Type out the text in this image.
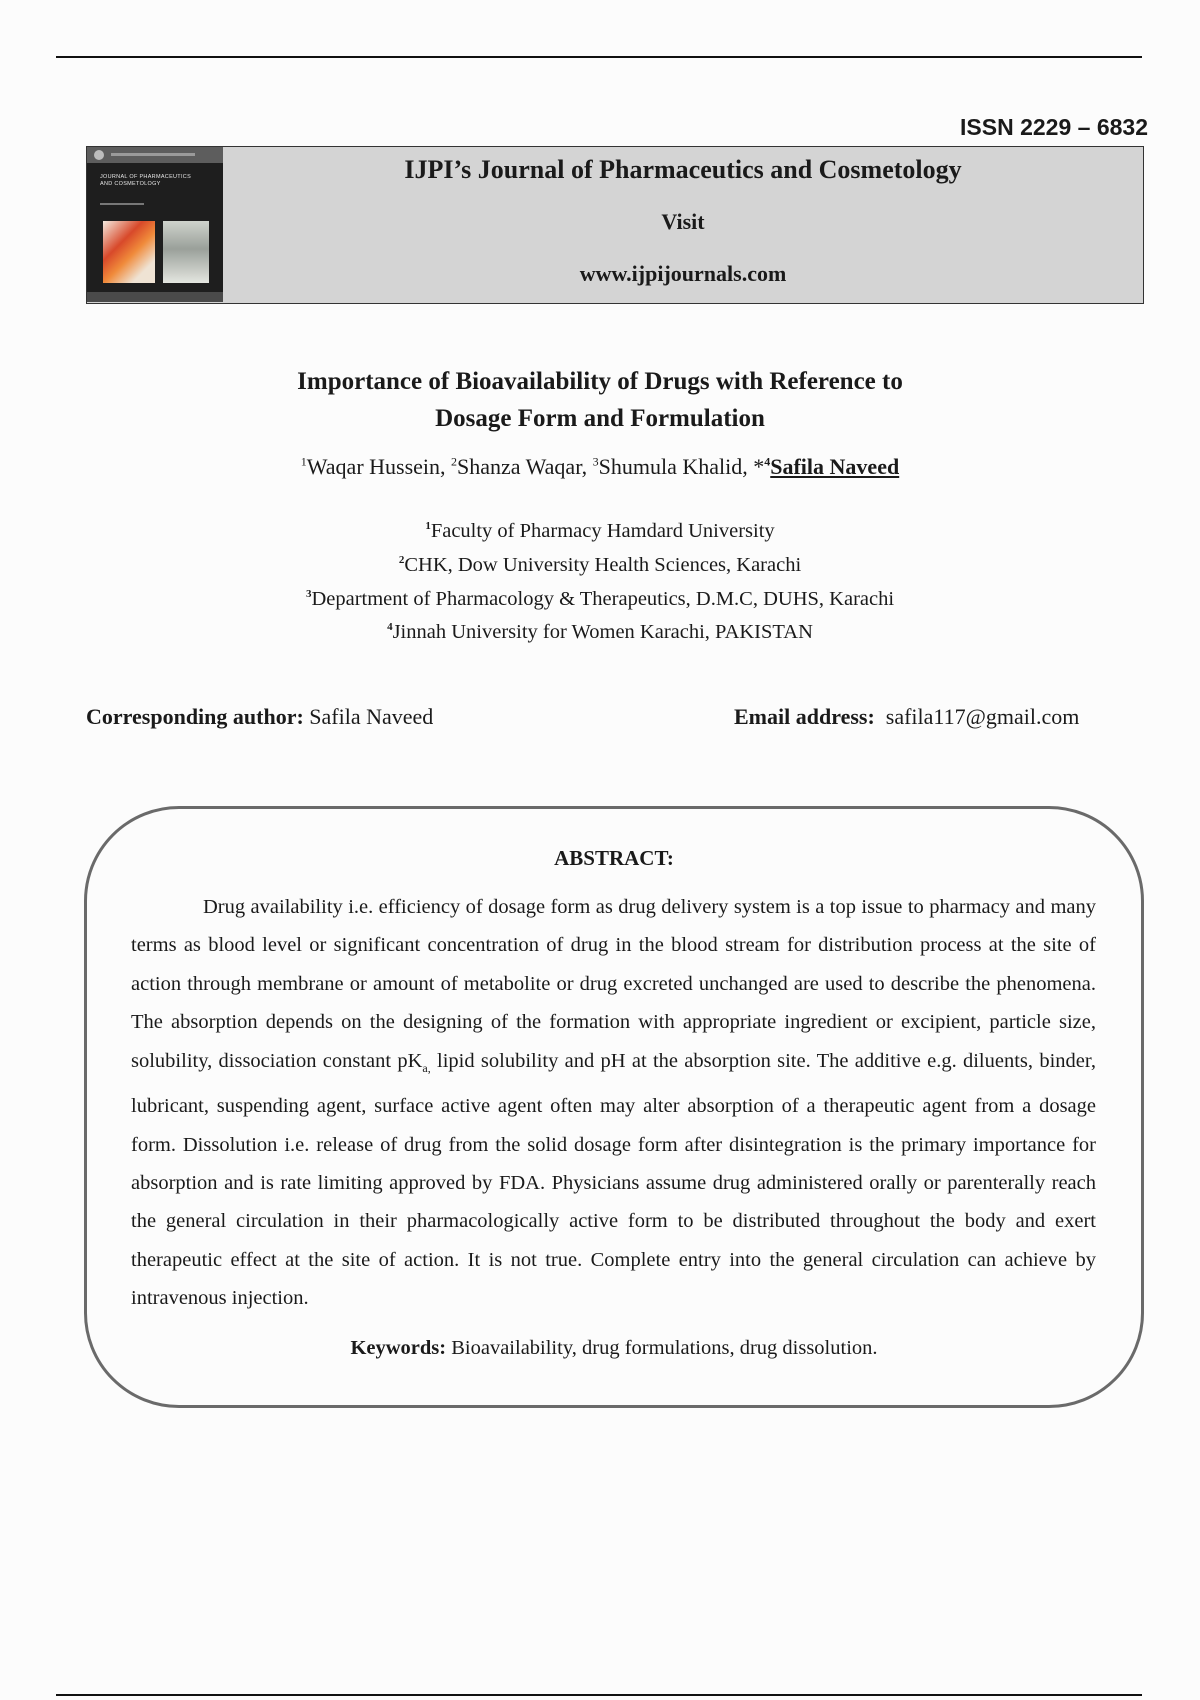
ISSN 2229 – 6832
JOURNAL OF PHARMACEUTICS AND COSMETOLOGY	IJPI’s Journal of Pharmaceutics and Cosmetology
Visit
www.ijpijournals.com
Importance of Bioavailability of Drugs with Reference to
Dosage Form and Formulation
$^1$Waqar Hussein, $^2$Shanza Waqar, $^3$Shumula Khalid, *$^4$Safila Naveed
$^1$Faculty of Pharmacy Hamdard University
$^2$CHK, Dow University Health Sciences, Karachi
$^3$Department of Pharmacology & Therapeutics, D.M.C, DUHS, Karachi
$^4$Jinnah University for Women Karachi, PAKISTAN
Corresponding author: Safila Naveed	Email address:  safila117@gmail.com
ABSTRACT:

Drug availability i.e. efficiency of dosage form as drug delivery system is a top issue to pharmacy and many terms as blood level or significant concentration of drug in the blood stream for distribution process at the site of action through membrane or amount of metabolite or drug excreted unchanged are used to describe the phenomena. The absorption depends on the designing of the formation with appropriate ingredient or excipient, particle size, solubility, dissociation constant $pK_{a,}$ lipid solubility and pH at the absorption site. The additive e.g. diluents, binder, lubricant, suspending agent, surface active agent often may alter absorption of a therapeutic agent from a dosage form. Dissolution i.e. release of drug from the solid dosage form after disintegration is the primary importance for absorption and is rate limiting approved by FDA. Physicians assume drug administered orally or parenterally reach the general circulation in their pharmacologically active form to be distributed throughout the body and exert therapeutic effect at the site of action. It is not true. Complete entry into the general circulation can achieve by intravenous injection.

Keywords: Bioavailability, drug formulations, drug dissolution.
